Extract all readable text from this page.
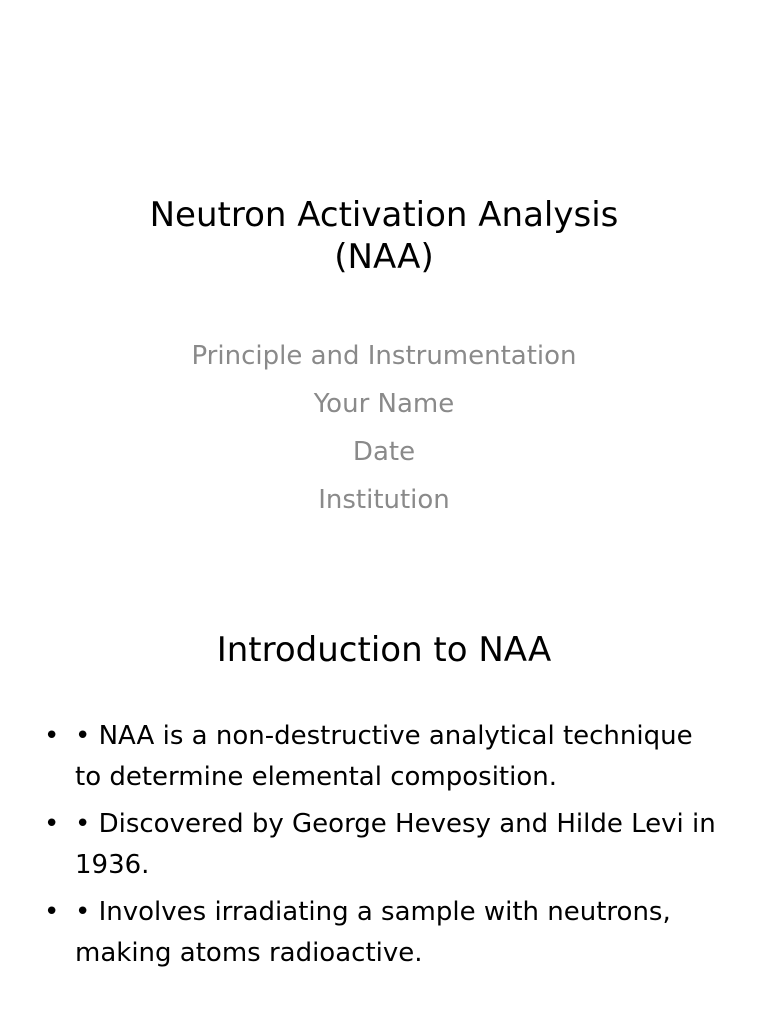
Neutron Activation Analysis
(NAA)
Principle and Instrumentation
Your Name
Date
Institution
Introduction to NAA
• • NAA is a non-destructive analytical technique to determine elemental composition.
• • Discovered by George Hevesy and Hilde Levi in 1936.
• • Involves irradiating a sample with neutrons, making atoms radioactive.
